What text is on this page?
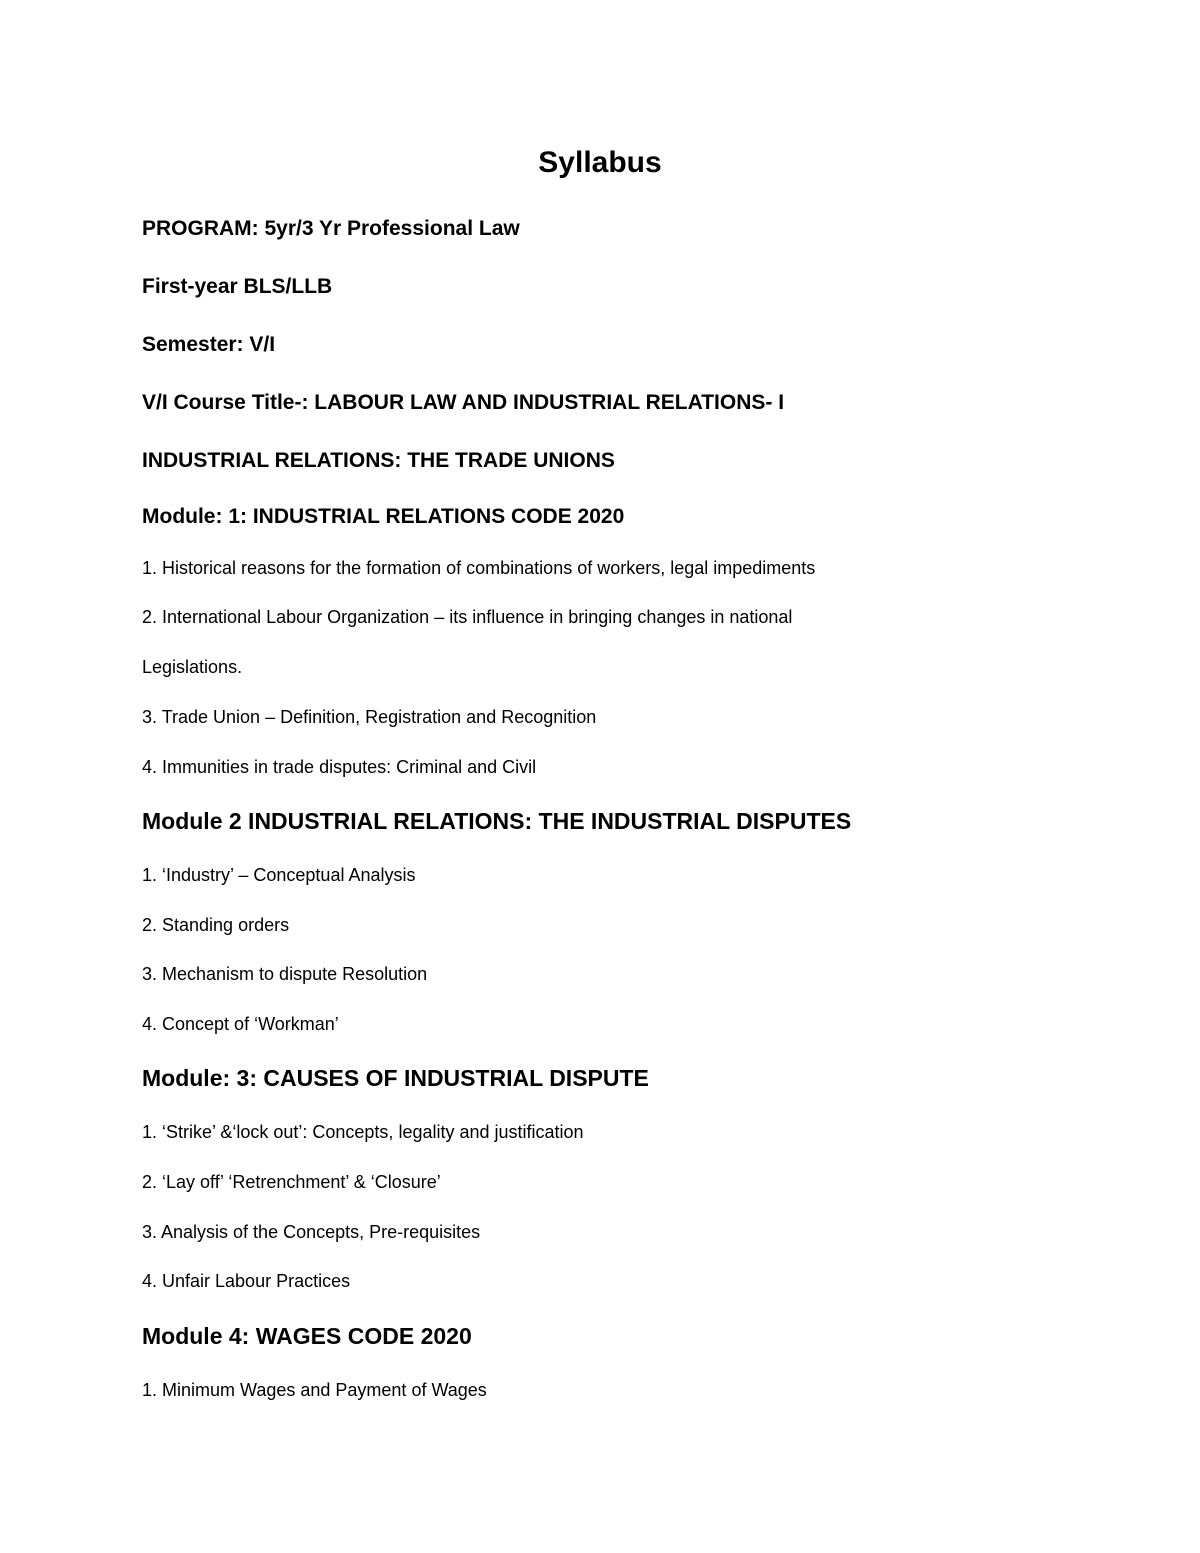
Syllabus
PROGRAM: 5yr/3 Yr Professional Law
First-year BLS/LLB
Semester: V/I
V/I Course Title-: LABOUR LAW AND INDUSTRIAL RELATIONS- I
INDUSTRIAL RELATIONS: THE TRADE UNIONS
Module: 1: INDUSTRIAL RELATIONS CODE 2020
1. Historical reasons for the formation of combinations of workers, legal impediments
2. International Labour Organization – its influence in bringing changes in national
Legislations.
3. Trade Union – Definition, Registration and Recognition
4. Immunities in trade disputes: Criminal and Civil
Module 2 INDUSTRIAL RELATIONS: THE INDUSTRIAL DISPUTES
1. ‘Industry’ – Conceptual Analysis
2. Standing orders
3. Mechanism to dispute Resolution
4. Concept of ‘Workman’
Module: 3: CAUSES OF INDUSTRIAL DISPUTE
1. ‘Strike’ &‘lock out’: Concepts, legality and justification
2. ‘Lay off’ ‘Retrenchment’ & ‘Closure’
3. Analysis of the Concepts, Pre-requisites
4. Unfair Labour Practices
Module 4: WAGES CODE 2020
1. Minimum Wages and Payment of Wages
